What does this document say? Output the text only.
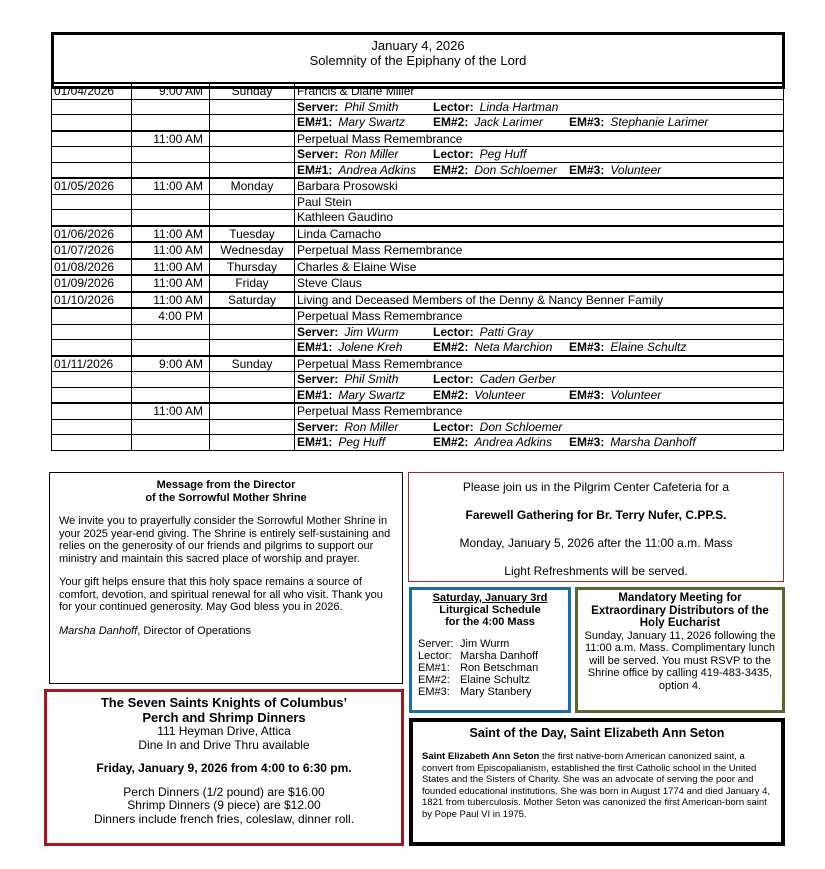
January 4, 2026
Solemnity of the Epiphany of the Lord
01/04/2026	9:00 AM	Sunday	Francis & Diane Miller
			Server: Phil Smith Lector: Linda Hartman
			EM#1: Mary Swartz EM#2: Jack Larimer EM#3: Stephanie Larimer
	11:00 AM		Perpetual Mass Remembrance
			Server: Ron Miller Lector: Peg Huff
			EM#1: Andrea Adkins EM#2: Don Schloemer EM#3: Volunteer
01/05/2026	11:00 AM	Monday	Barbara Prosowski
			Paul Stein
			Kathleen Gaudino
01/06/2026	11:00 AM	Tuesday	Linda Camacho
01/07/2026	11:00 AM	Wednesday	Perpetual Mass Remembrance
01/08/2026	11:00 AM	Thursday	Charles & Elaine Wise
01/09/2026	11:00 AM	Friday	Steve Claus
01/10/2026	11:00 AM	Saturday	Living and Deceased Members of the Denny & Nancy Benner Family
	4:00 PM		Perpetual Mass Remembrance
			Server: Jim Wurm Lector: Patti Gray
			EM#1: Jolene Kreh EM#2: Neta Marchion EM#3: Elaine Schultz
01/11/2026	9:00 AM	Sunday	Perpetual Mass Remembrance
			Server: Phil Smith Lector: Caden Gerber
			EM#1: Mary Swartz EM#2: Volunteer EM#3: Volunteer
	11:00 AM		Perpetual Mass Remembrance
			Server: Ron Miller Lector: Don Schloemer
			EM#1: Peg Huff EM#2: Andrea Adkins EM#3: Marsha Danhoff
Message from the Director
of the Sorrowful Mother Shrine

We invite you to prayerfully consider the Sorrowful Mother Shrine in your 2025 year-end giving. The Shrine is entirely self-sustaining and relies on the generosity of our friends and pilgrims to support our ministry and maintain this sacred place of worship and prayer.

Your gift helps ensure that this holy space remains a source of comfort, devotion, and spiritual renewal for all who visit. Thank you for your continued generosity. May God bless you in 2026.

Marsha Danhoff, Director of Operations

Please join us in the Pilgrim Center Cafeteria for a
Farewell Gathering for Br. Terry Nufer, C.PP.S.
Monday, January 5, 2026 after the 11:00 a.m. Mass
Light Refreshments will be served.
Saturday, January 3rd
Liturgical Schedule
for the 4:00 Mass
Server: Jim Wurm
Lector: Marsha Danhoff
EM#1: Ron Betschman
EM#2: Elaine Schultz
EM#3: Mary Stanbery
Mandatory Meeting for Extraordinary Distributors of the Holy Eucharist
Sunday, January 11, 2026 following the 11:00 a.m. Mass. Complimentary lunch will be served. You must RSVP to the Shrine office by calling 419-483-3435, option 4.
The Seven Saints Knights of Columbus’
Perch and Shrimp Dinners
111 Heyman Drive, Attica
Dine In and Drive Thru available
Friday, January 9, 2026 from 4:00 to 6:30 pm.
Perch Dinners (1/2 pound) are $16.00
Shrimp Dinners (9 piece) are $12.00
Dinners include french fries, coleslaw, dinner roll.
Saint of the Day, Saint Elizabeth Ann Seton
Saint Elizabeth Ann Seton the first native-born American canonized saint, a convert from Episcopalianism, established the first Catholic school in the United States and the Sisters of Charity. She was an advocate of serving the poor and founded educational institutions. She was born in August 1774 and died January 4, 1821 from tuberculosis. Mother Seton was canonized the first American-born saint by Pope Paul VI in 1975.
